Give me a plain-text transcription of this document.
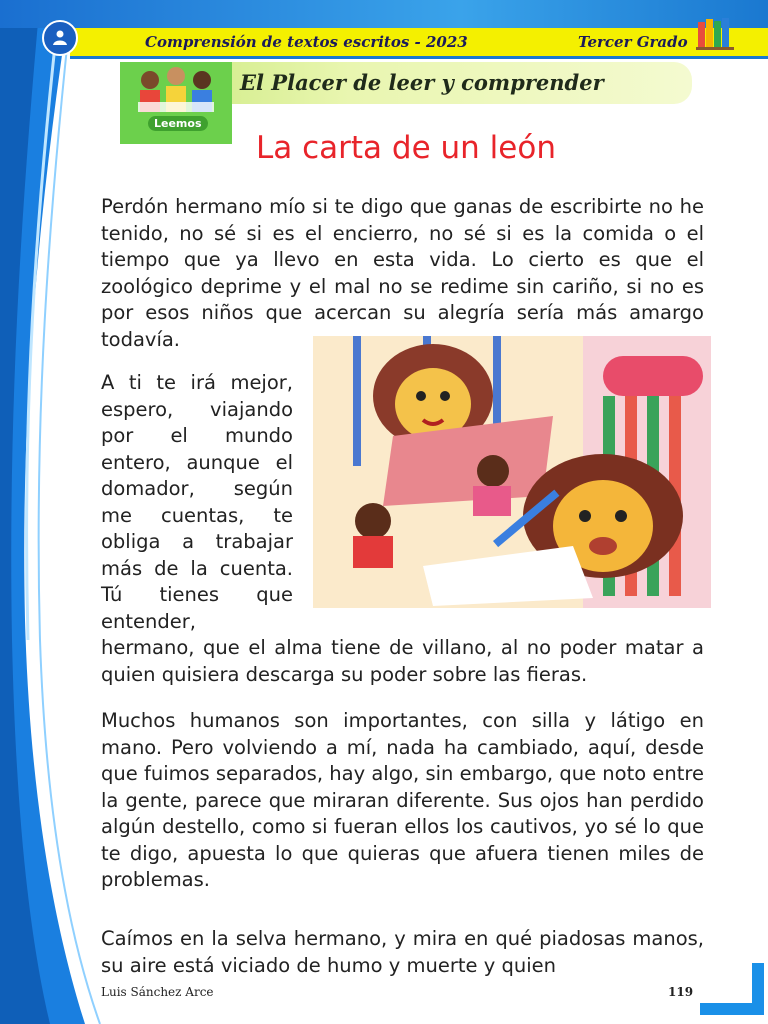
Comprensión de textos escritos - 2023	Tercer Grado
Leemos
El Placer de leer y comprender
La carta de un león
Perdón hermano mío si te digo que ganas de escribirte no he tenido, no sé si es el encierro, no sé si es la comida o el tiempo que ya llevo en esta vida. Lo cierto es que el zoológico deprime y el mal no se redime sin cariño, si no es por esos niños que acercan su alegría sería más amargo todavía.
A ti te irá mejor, espero, viajando por el mundo entero, aunque el domador, según me cuentas, te obliga a trabajar más de la cuenta. Tú tienes que entender,
hermano, que el alma tiene de villano, al no poder matar a quien quisiera descarga su poder sobre las fieras.
Muchos humanos son importantes, con silla y látigo en mano. Pero volviendo a mí, nada ha cambiado, aquí, desde que fuimos separados, hay algo, sin embargo, que noto entre la gente, parece que miraran diferente. Sus ojos han perdido algún destello, como si fueran ellos los cautivos, yo sé lo que te digo, apuesta lo que quieras que afuera tienen miles de problemas.
Caímos en la selva hermano, y mira en qué piadosas manos, su aire está viciado de humo y muerte y quien
Luis Sánchez Arce	119
